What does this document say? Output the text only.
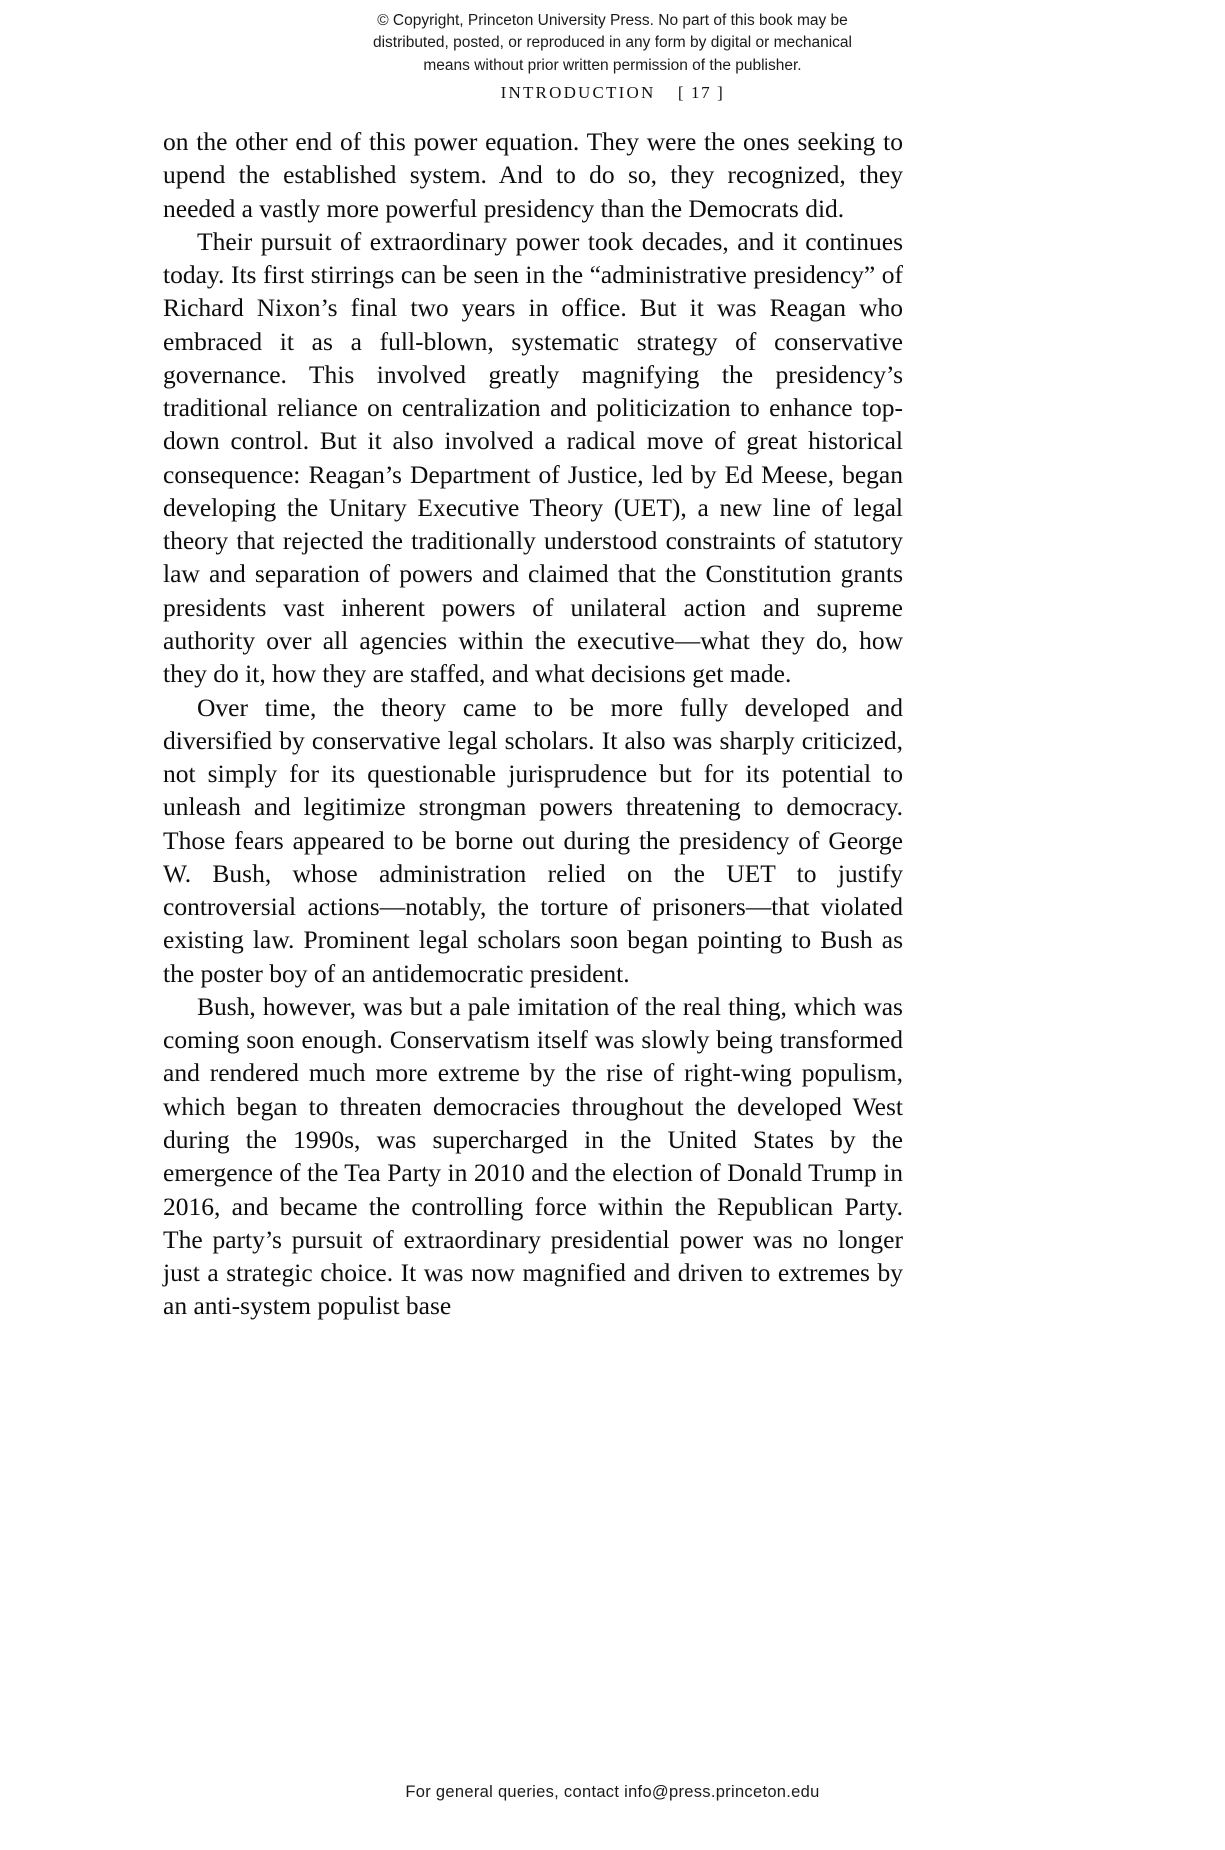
© Copyright, Princeton University Press. No part of this book may be
distributed, posted, or reproduced in any form by digital or mechanical
means without prior written permission of the publisher.
INTRODUCTION [ 17 ]

on the other end of this power equation. They were the ones seeking to upend the established system. And to do so, they recognized, they needed a vastly more powerful presidency than the Democrats did.

Their pursuit of extraordinary power took decades, and it continues today. Its first stirrings can be seen in the “administrative presidency” of Richard Nixon’s final two years in office. But it was Reagan who embraced it as a full-blown, systematic strategy of conservative governance. This involved greatly magnifying the presidency’s traditional reliance on centralization and politicization to enhance top-down control. But it also involved a radical move of great historical consequence: Reagan’s Department of Justice, led by Ed Meese, began developing the Unitary Executive Theory (UET), a new line of legal theory that rejected the traditionally understood constraints of statutory law and separation of powers and claimed that the Constitution grants presidents vast inherent powers of unilateral action and supreme authority over all agencies within the executive—what they do, how they do it, how they are staffed, and what decisions get made.

Over time, the theory came to be more fully developed and diversified by conservative legal scholars. It also was sharply criticized, not simply for its questionable jurisprudence but for its potential to unleash and legitimize strongman powers threatening to democracy. Those fears appeared to be borne out during the presidency of George W. Bush, whose administration relied on the UET to justify controversial actions—notably, the torture of prisoners—that violated existing law. Prominent legal scholars soon began pointing to Bush as the poster boy of an antidemocratic president.

Bush, however, was but a pale imitation of the real thing, which was coming soon enough. Conservatism itself was slowly being transformed and rendered much more extreme by the rise of right-wing populism, which began to threaten democracies throughout the developed West during the 1990s, was supercharged in the United States by the emergence of the Tea Party in 2010 and the election of Donald Trump in 2016, and became the controlling force within the Republican Party. The party’s pursuit of extraordinary presidential power was no longer just a strategic choice. It was now magnified and driven to extremes by an anti-system populist base

For general queries, contact info@press.princeton.edu
